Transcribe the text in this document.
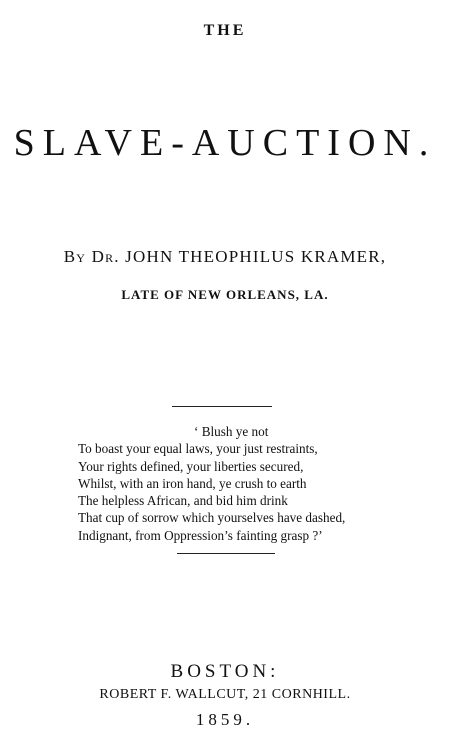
THE
SLAVE-AUCTION.
By Dr. JOHN THEOPHILUS KRAMER,
LATE OF NEW ORLEANS, LA.
‘ Blush ye not
To boast your equal laws, your just restraints,
Your rights defined, your liberties secured,
Whilst, with an iron hand, ye crush to earth
The helpless African, and bid him drink
That cup of sorrow which yourselves have dashed,
Indignant, from Oppression’s fainting grasp ?’
BOSTON:
ROBERT F. WALLCUT, 21 CORNHILL.
1859.
